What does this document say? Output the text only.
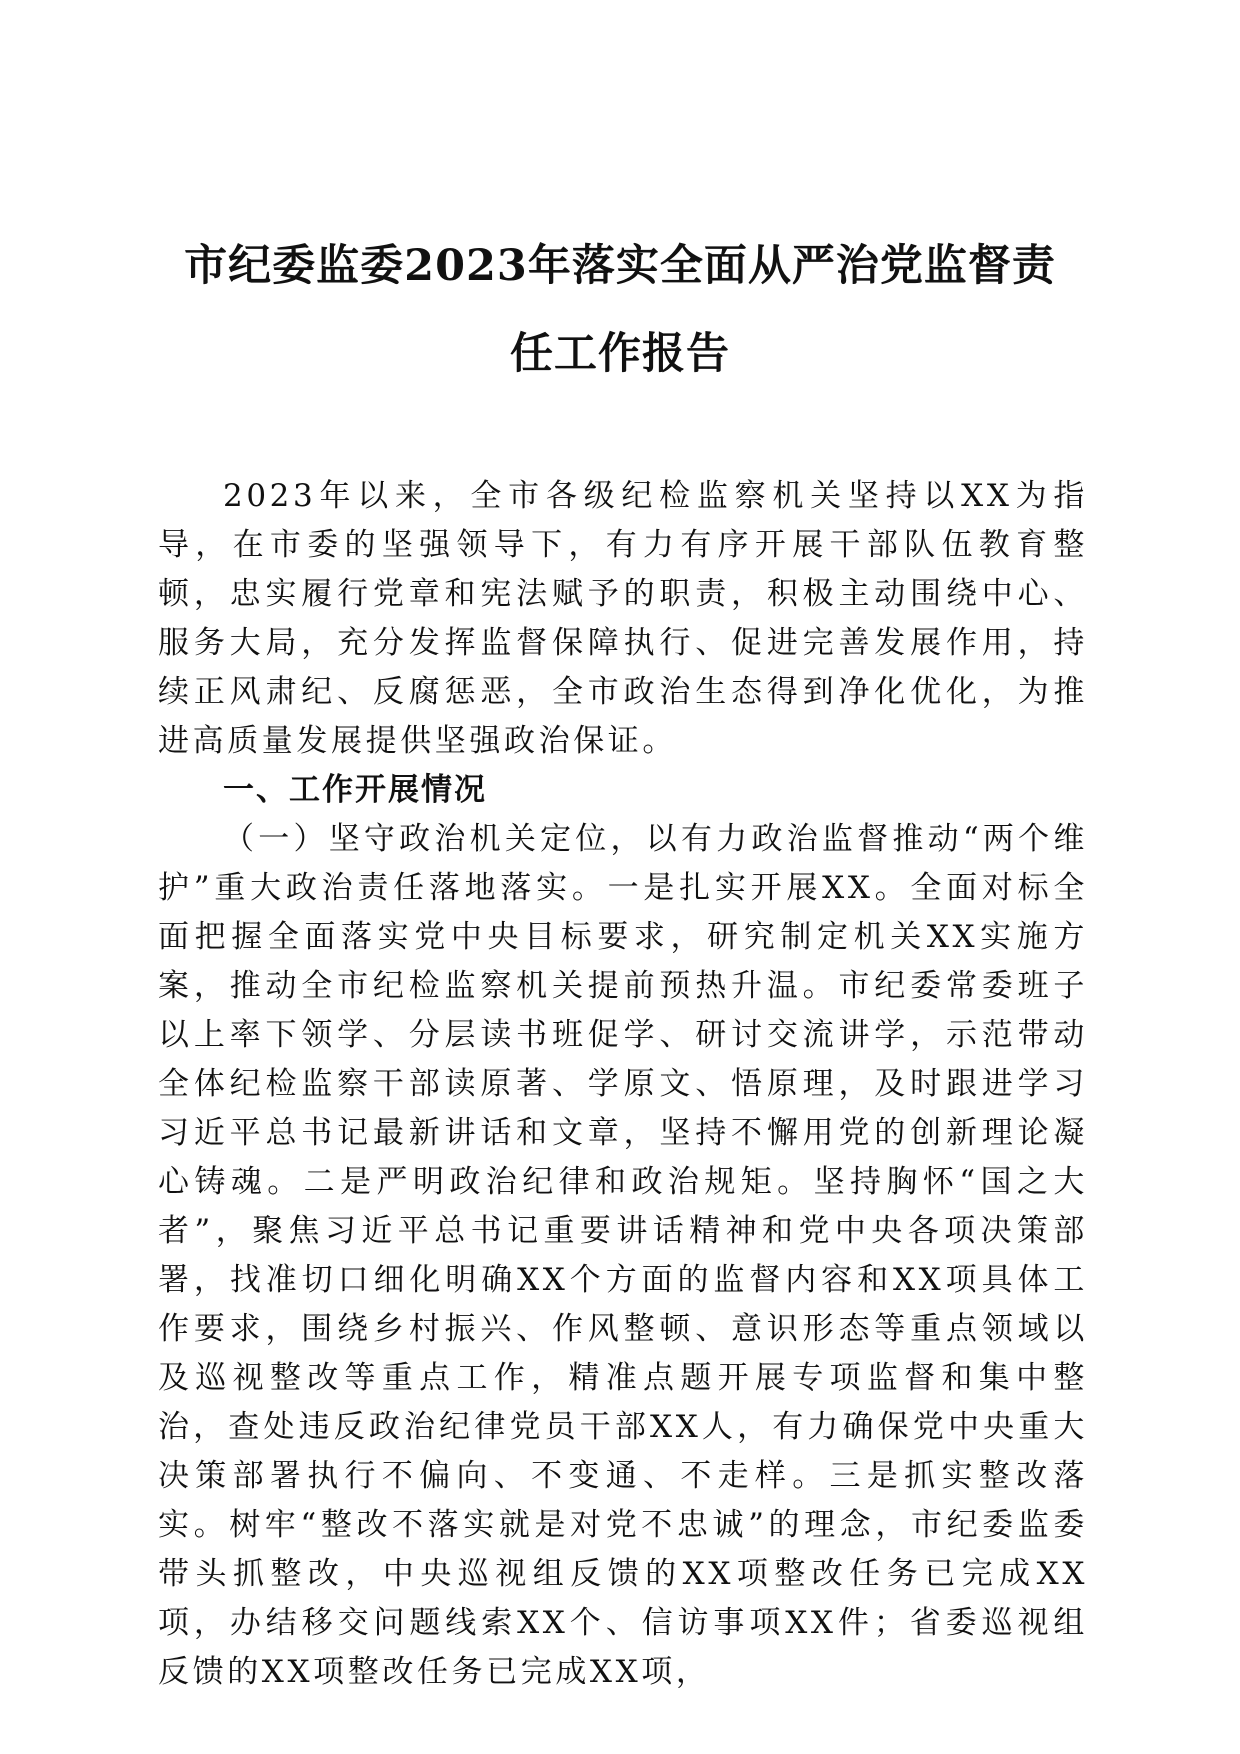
市纪委监委2023年落实全面从严治党监督责
任工作报告

2023年以来，全市各级纪检监察机关坚持以XX为指导，在市委的坚强领导下，有力有序开展干部队伍教育整顿，忠实履行党章和宪法赋予的职责，积极主动围绕中心、服务大局，充分发挥监督保障执行、促进完善发展作用，持续正风肃纪、反腐惩恶，全市政治生态得到净化优化，为推进高质量发展提供坚强政治保证。

一、工作开展情况

（一）坚守政治机关定位，以有力政治监督推动“两个维护”重大政治责任落地落实。一是扎实开展XX。全面对标全面把握全面落实党中央目标要求，研究制定机关XX实施方案，推动全市纪检监察机关提前预热升温。市纪委常委班子以上率下领学、分层读书班促学、研讨交流讲学，示范带动全体纪检监察干部读原著、学原文、悟原理，及时跟进学习习近平总书记最新讲话和文章，坚持不懈用党的创新理论凝心铸魂。二是严明政治纪律和政治规矩。坚持胸怀“国之大者”，聚焦习近平总书记重要讲话精神和党中央各项决策部署，找准切口细化明确XX个方面的监督内容和XX项具体工作要求，围绕乡村振兴、作风整顿、意识形态等重点领域以及巡视整改等重点工作，精准点题开展专项监督和集中整治，查处违反政治纪律党员干部XX人，有力确保党中央重大决策部署执行不偏向、不变通、不走样。三是抓实整改落实。树牢“整改不落实就是对党不忠诚”的理念，市纪委监委带头抓整改，中央巡视组反馈的XX项整改任务已完成XX项，办结移交问题线索XX个、信访事项XX件；省委巡视组反馈的XX项整改任务已完成XX项，
